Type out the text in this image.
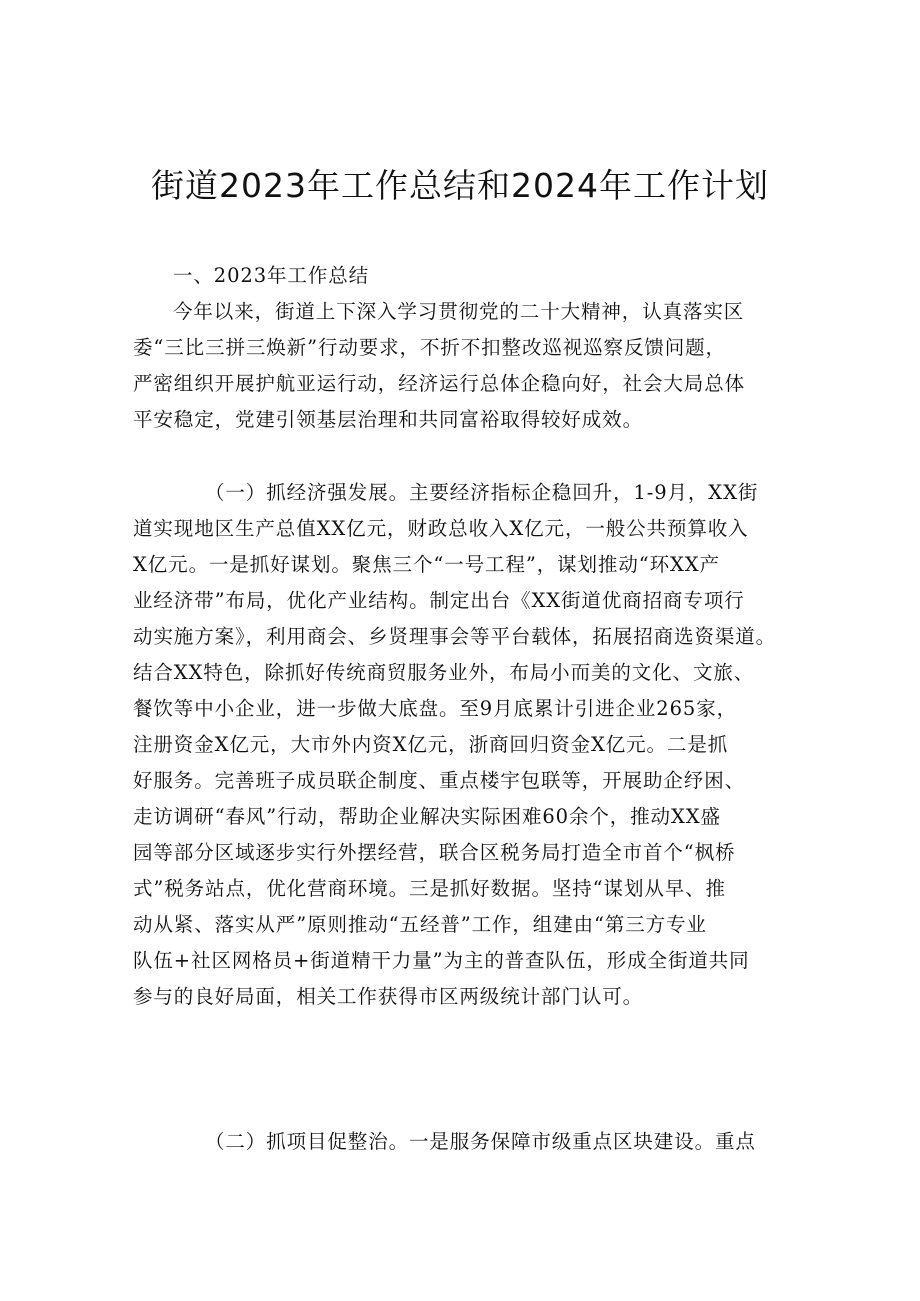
街道2023年工作总结和2024年工作计划
一、2023年工作总结
今年以来，街道上下深入学习贯彻党的二十大精神，认真落实区
委“三比三拼三焕新”行动要求，不折不扣整改巡视巡察反馈问题，
严密组织开展护航亚运行动，经济运行总体企稳向好，社会大局总体
平安稳定，党建引领基层治理和共同富裕取得较好成效。
（一）抓经济强发展。主要经济指标企稳回升，1-9月，XX街
道实现地区生产总值XX亿元，财政总收入X亿元，一般公共预算收入
X亿元。一是抓好谋划。聚焦三个“一号工程”，谋划推动“环XX产
业经济带”布局，优化产业结构。制定出台《XX街道优商招商专项行
动实施方案》，利用商会、乡贤理事会等平台载体，拓展招商选资渠道。
结合XX特色，除抓好传统商贸服务业外，布局小而美的文化、文旅、
餐饮等中小企业，进一步做大底盘。至9月底累计引进企业265家，
注册资金X亿元，大市外内资X亿元，浙商回归资金X亿元。二是抓
好服务。完善班子成员联企制度、重点楼宇包联等，开展助企纾困、
走访调研“春风”行动，帮助企业解决实际困难60余个，推动XX盛
园等部分区域逐步实行外摆经营，联合区税务局打造全市首个“枫桥
式”税务站点，优化营商环境。三是抓好数据。坚持“谋划从早、推
动从紧、落实从严”原则推动“五经普”工作，组建由“第三方专业
队伍+社区网格员+街道精干力量”为主的普查队伍，形成全街道共同
参与的良好局面，相关工作获得市区两级统计部门认可。
（二）抓项目促整治。一是服务保障市级重点区块建设。重点
